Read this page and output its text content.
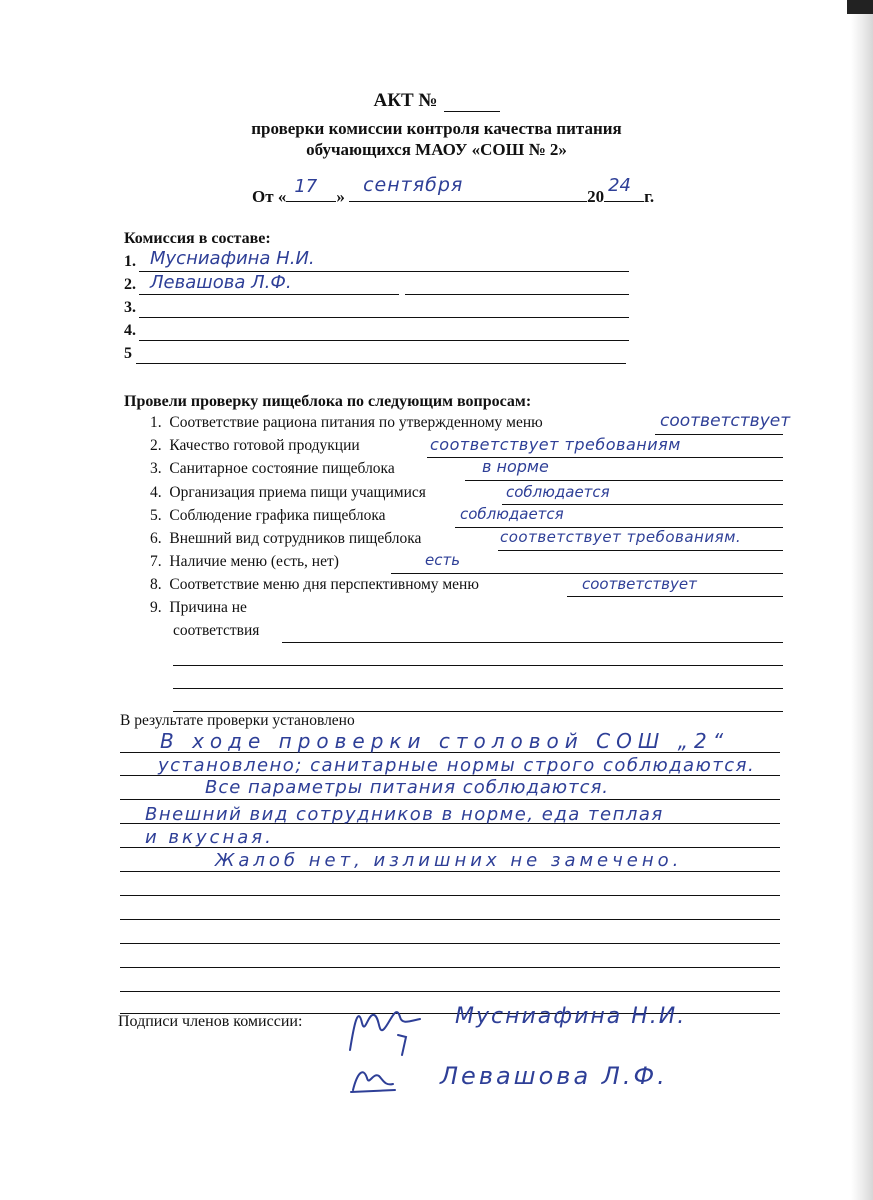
АКТ №
проверки комиссии контроля качества питания
обучающихся МАОУ «СОШ № 2»
От « 17 »
сентября
20
24
г.
Комиссия в составе:
1. Мусниафина Н.И.
2. Левашова Л.Ф.
3.
4.
5
Провели проверку пищеблока по следующим вопросам:
1. Соответствие рациона питания по утвержденному меню	соответствует
2. Качество готовой продукции	соответствует требованиям
3. Санитарное состояние пищеблока	в норме
4. Организация приема пищи учащимися	соблюдается
5. Соблюдение графика пищеблока	соблюдается
6. Внешний вид сотрудников пищеблока	соответствует требованиям.
7. Наличие меню (есть, нет)	есть
8. Соответствие меню дня перспективному меню	соответствует
9. Причина не
соответствия
В результате проверки установлено
В ходе проверки столовой СОШ „2“
установлено; санитарные нормы строго соблюдаются.
Все параметры питания соблюдаются.
Внешний вид сотрудников в норме, еда теплая
и вкусная.
Жалоб нет, излишних не замечено.
Подписи членов комиссии:	Мусниафина Н.И.
Левашова Л.Ф.
